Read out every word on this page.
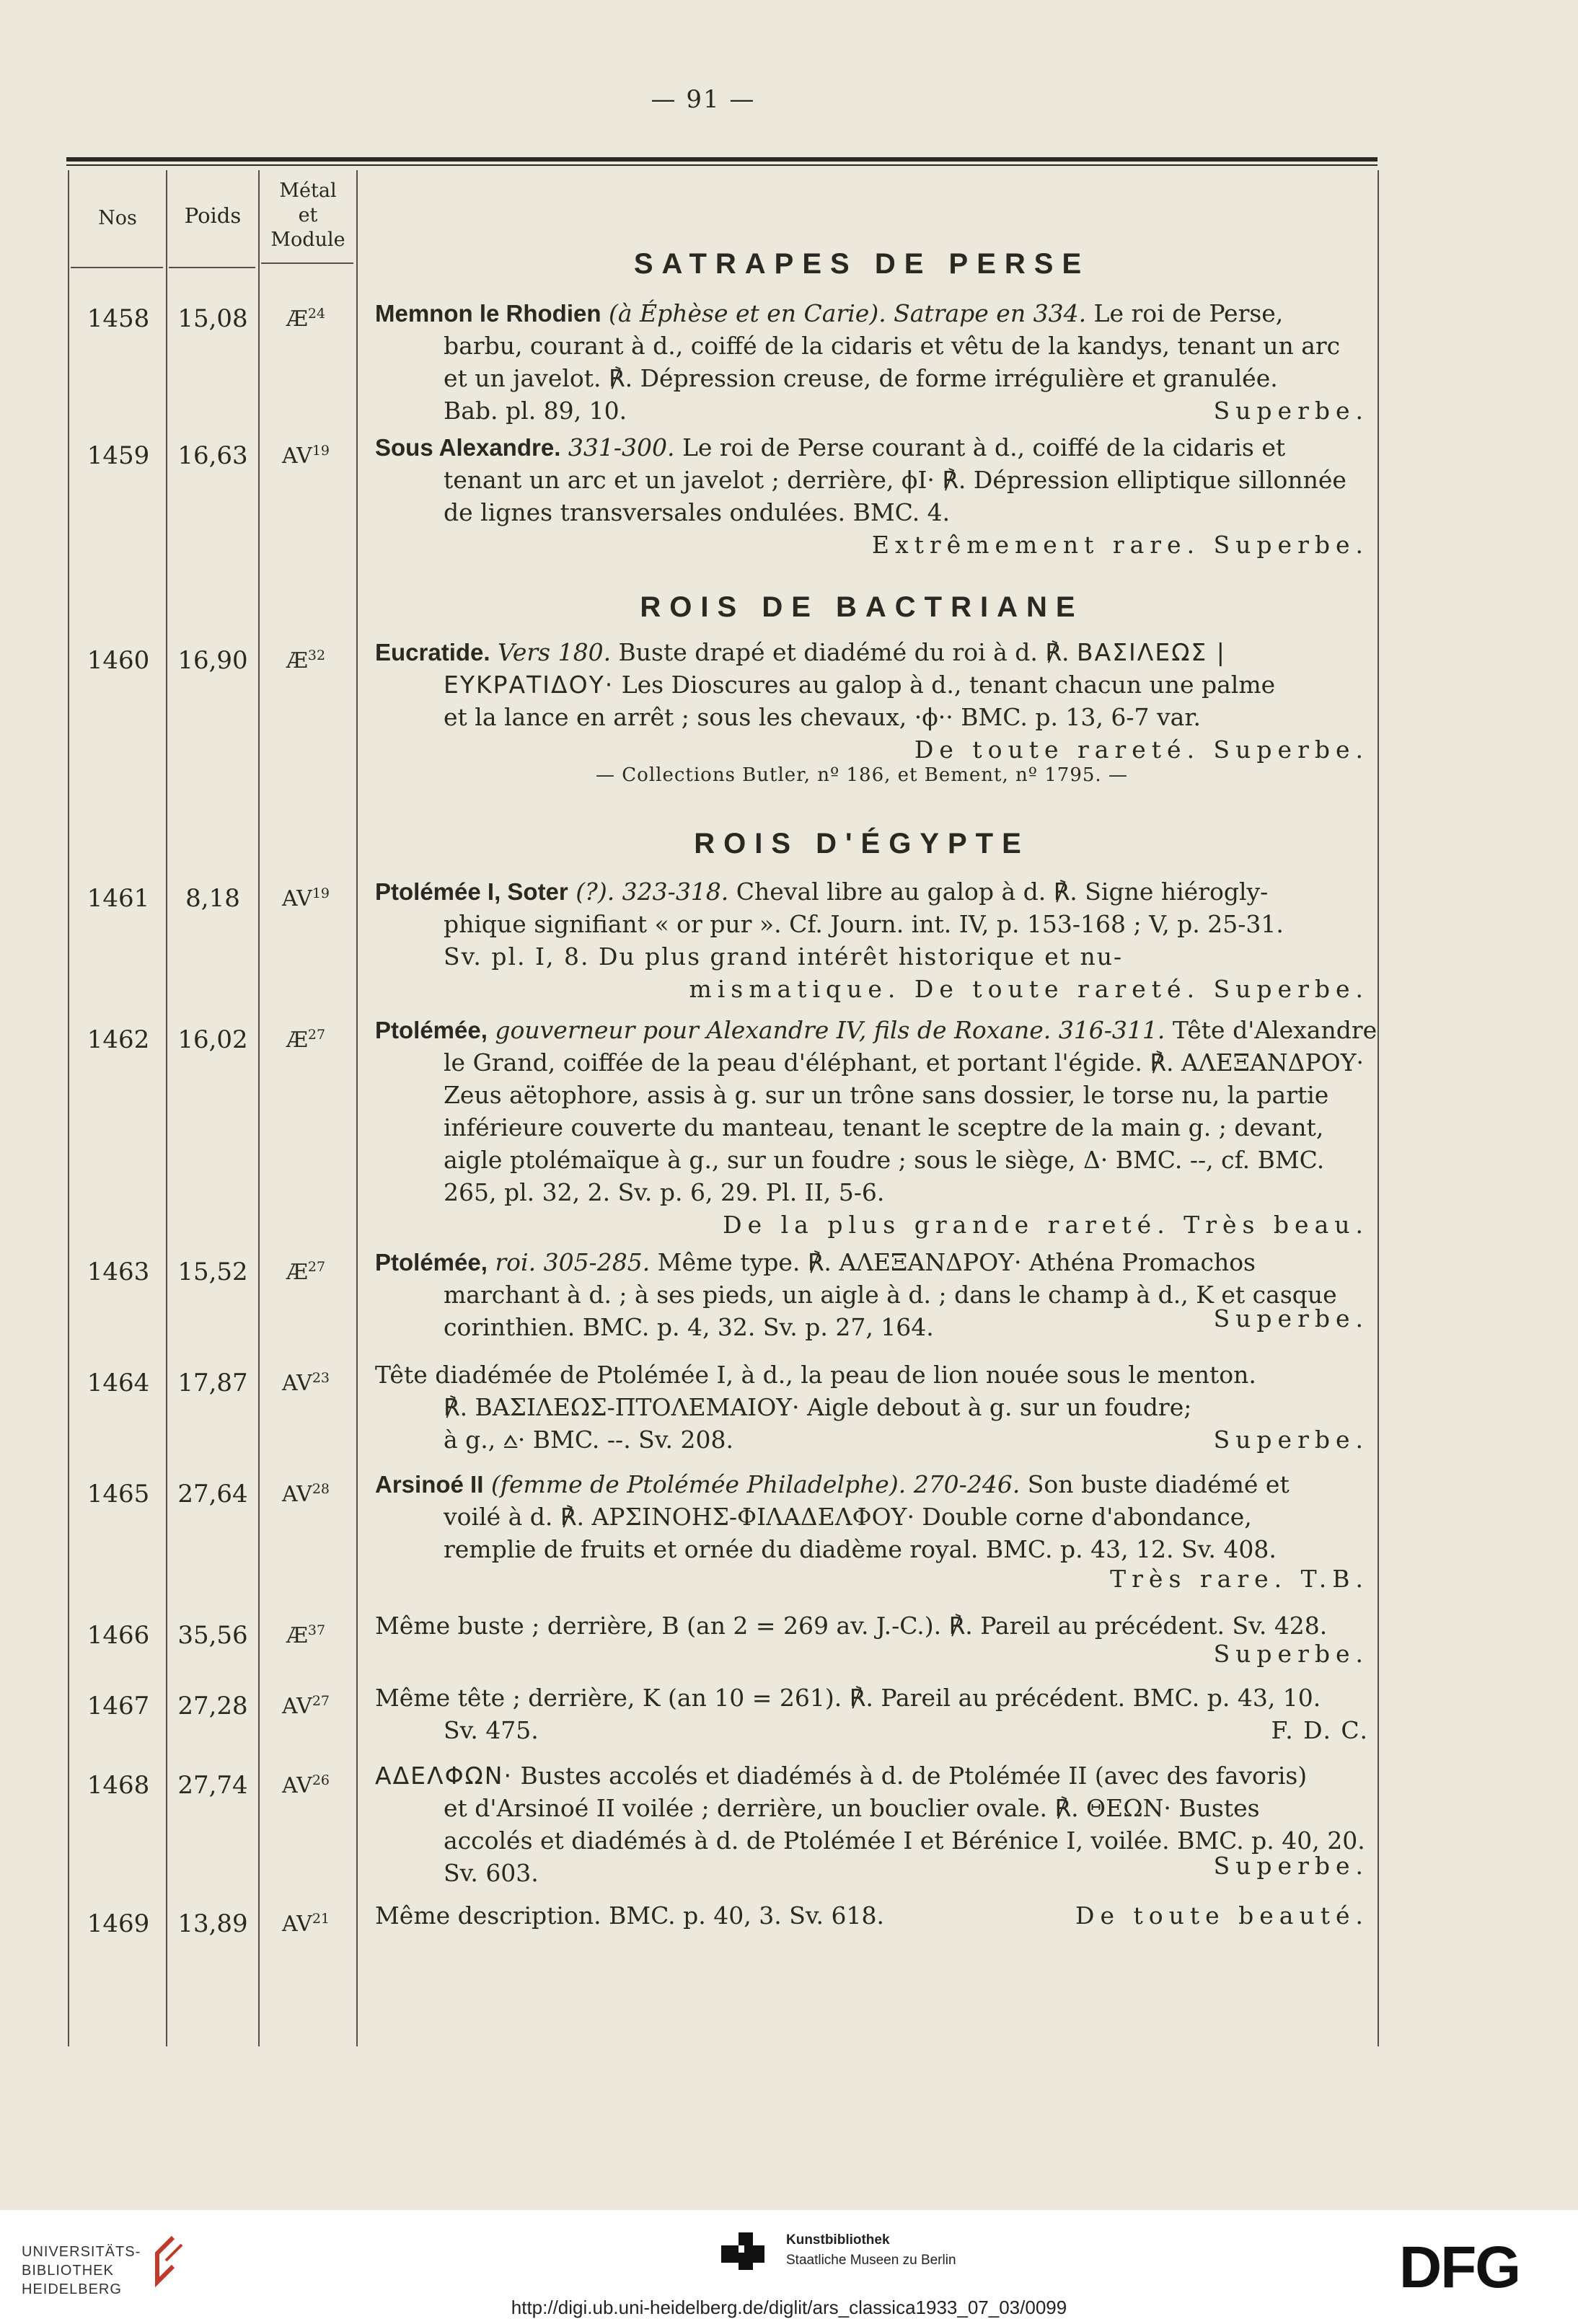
— 91 —
Nos	Poids
Métal
et
Module
SATRAPES DE PERSE
ROIS DE BACTRIANE
— Collections Butler, nº 186, et Bement, nº 1795. —
ROIS D'ÉGYPTE
1458	15,08	$Æ^{24}$	Memnon le Rhodien (à Éphèse et en Carie). Satrape en 334. Le roi de Perse,
barbu, courant à d., coiffé de la cidaris et vêtu de la kandys, tenant un arc
et un javelot. ℟. Dépression creuse, de forme irrégulière et granulée.
Bab. pl. 89, 10.	Superbe.
1459	16,63	AV$^{19}$	Sous Alexandre. 331-300. Le roi de Perse courant à d., coiffé de la cidaris et
tenant un arc et un javelot ; derrière, ϕI· ℟. Dépression elliptique sillonnée
de lignes transversales ondulées. BMC. 4.
Extrêmement rare. Superbe.
1460	16,90	$Æ^{32}$	Eucratide. Vers 180. Buste drapé et diadémé du roi à d. ℟. ΒΑΣΙΛΕΩΣ |
ΕΥΚΡΑΤΙΔΟΥ· Les Dioscures au galop à d., tenant chacun une palme
et la lance en arrêt ; sous les chevaux, ·ϕ·· BMC. p. 13, 6-7 var.
De toute rareté. Superbe.
1461	8,18	AV$^{19}$	Ptolémée I, Soter (?). 323-318. Cheval libre au galop à d. ℟. Signe hiérogly-
phique signifiant « or pur ». Cf. Journ. int. IV, p. 153-168 ; V, p. 25-31.
Sv. pl. I, 8. Du plus grand intérêt historique et nu-
mismatique. De toute rareté. Superbe.
1462	16,02	$Æ^{27}$	Ptolémée, gouverneur pour Alexandre IV, fils de Roxane. 316-311. Tête d'Alexandre
le Grand, coiffée de la peau d'éléphant, et portant l'égide. ℟. ΑΛΕΞΑΝΔΡΟΥ·
Zeus aëtophore, assis à g. sur un trône sans dossier, le torse nu, la partie
inférieure couverte du manteau, tenant le sceptre de la main g. ; devant,
aigle ptolémaïque à g., sur un foudre ; sous le siège, Δ· BMC. --, cf. BMC.
265, pl. 32, 2. Sv. p. 6, 29. Pl. II, 5-6.
De la plus grande rareté. Très beau.
1463	15,52	$Æ^{27}$	Ptolémée, roi. 305-285. Même type. ℟. ΑΛΕΞΑΝΔΡΟΥ· Athéna Promachos
marchant à d. ; à ses pieds, un aigle à d. ; dans le champ à d., K et casque
corinthien. BMC. p. 4, 32. Sv. p. 27, 164.	Superbe.
1464	17,87	AV$^{23}$	Tête diadémée de Ptolémée I, à d., la peau de lion nouée sous le menton.
℟. ΒΑΣΙΛΕΩΣ-ΠΤΟΛΕΜΑΙΟΥ· Aigle debout à g. sur un foudre;
à g., ⩟· BMC. --. Sv. 208.	Superbe.
1465	27,64	AV$^{28}$	Arsinoé II (femme de Ptolémée Philadelphe). 270-246. Son buste diadémé et
voilé à d. ℟. ΑΡΣΙΝΟΗΣ-ΦΙΛΑΔΕΛΦΟΥ· Double corne d'abondance,
remplie de fruits et ornée du diadème royal. BMC. p. 43, 12. Sv. 408.
Très rare. T.B.
1466	35,56	$Æ^{37}$	Même buste ; derrière, B (an 2 = 269 av. J.-C.). ℟. Pareil au précédent. Sv. 428.
Superbe.
1467	27,28	AV$^{27}$	Même tête ; derrière, K (an 10 = 261). ℟. Pareil au précédent. BMC. p. 43, 10.
Sv. 475.	F. D. C.
1468	27,74	AV$^{26}$	ΑΔΕΛΦΩΝ· Bustes accolés et diadémés à d. de Ptolémée II (avec des favoris)
et d'Arsinoé II voilée ; derrière, un bouclier ovale. ℟. ΘΕΩΝ· Bustes
accolés et diadémés à d. de Ptolémée I et Bérénice I, voilée. BMC. p. 40, 20.
Sv. 603.	Superbe.
1469	13,89	AV$^{21}$	Même description. BMC. p. 40, 3. Sv. 618.	De toute beauté.
UNIVERSITÄTS-
BIBLIOTHEK
HEIDELBERG
Kunstbibliothek
Staatliche Museen zu Berlin	DFG
http://digi.ub.uni-heidelberg.de/diglit/ars_classica1933_07_03/0099
